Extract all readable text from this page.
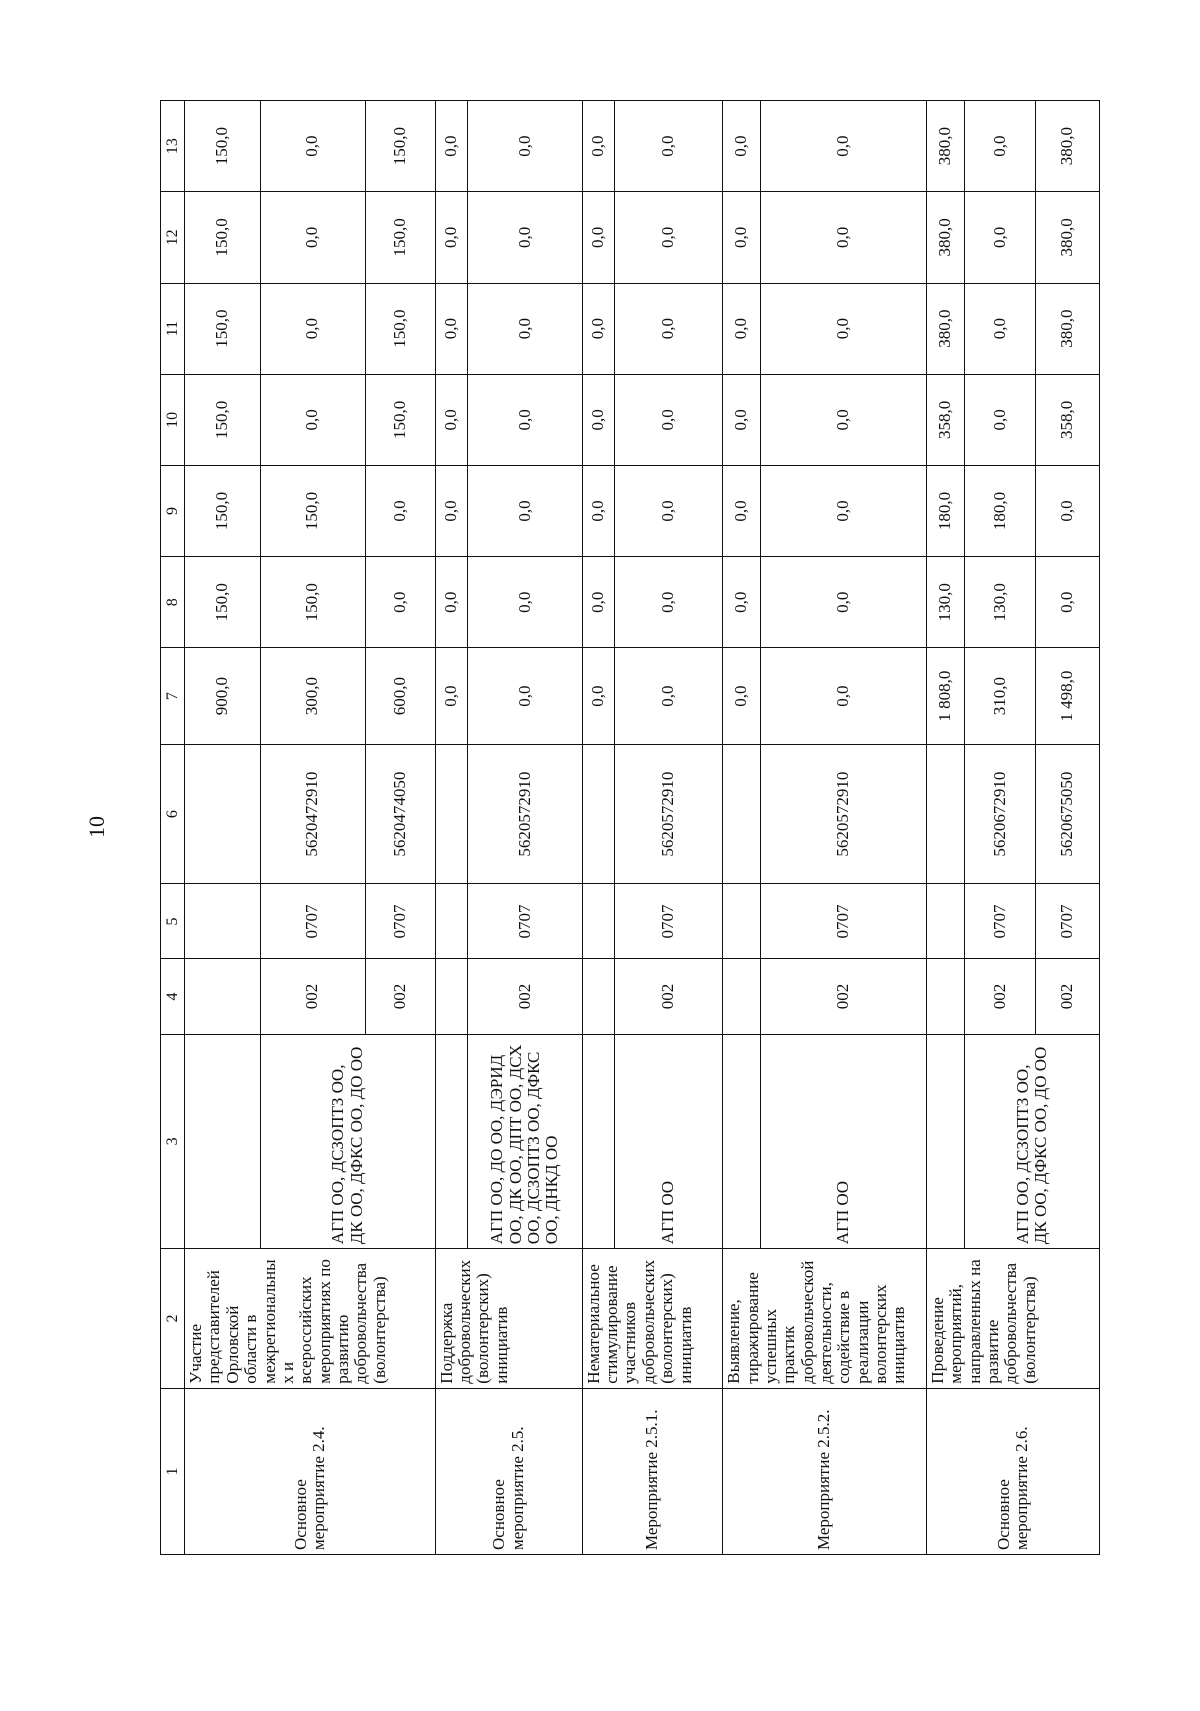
10
1	2	3	4	5	6	7	8	9	10	11	12	13
Основное мероприятие 2.4.	Участие представителей Орловской области в межрегиональных и всероссийских мероприятиях по развитию добровольчества (волонтерства)					900,0	150,0	150,0	150,0	150,0	150,0	150,0
		АГП ОО, ДСЗОПТЗ ОО, ДК ОО, ДФКС ОО, ДО ОО	002	0707	5620472910	300,0	150,0	150,0	0,0	0,0	0,0	0,0
			002	0707	5620474050	600,0	0,0	0,0	150,0	150,0	150,0	150,0
Основное мероприятие 2.5.	Поддержка добровольческих (волонтерских) инициатив					0,0	0,0	0,0	0,0	0,0	0,0	0,0
		АГП ОО, ДО ОО, ДЭРИД ОО, ДК ОО, ДПТ ОО, ДСХ ОО, ДСЗОПТЗ ОО, ДФКС ОО, ДНКД ОО	002	0707	5620572910	0,0	0,0	0,0	0,0	0,0	0,0	0,0
Мероприятие 2.5.1.	Нематериальное стимулирование участников добровольческих (волонтерских) инициатив					0,0	0,0	0,0	0,0	0,0	0,0	0,0
		АГП ОО	002	0707	5620572910	0,0	0,0	0,0	0,0	0,0	0,0	0,0
Мероприятие 2.5.2.	Выявление, тиражирование успешных практик добровольческой деятельности, содействие в реализации волонтерских инициатив					0,0	0,0	0,0	0,0	0,0	0,0	0,0
		АГП ОО	002	0707	5620572910	0,0	0,0	0,0	0,0	0,0	0,0	0,0
Основное мероприятие 2.6.	Проведение мероприятий, направленных на развитие добровольчества (волонтерства)					1 808,0	130,0	180,0	358,0	380,0	380,0	380,0
		АГП ОО, ДСЗОПТЗ ОО, ДК ОО, ДФКС ОО, ДО ОО	002	0707	5620672910	310,0	130,0	180,0	0,0	0,0	0,0	0,0
			002	0707	5620675050	1 498,0	0,0	0,0	358,0	380,0	380,0	380,0
